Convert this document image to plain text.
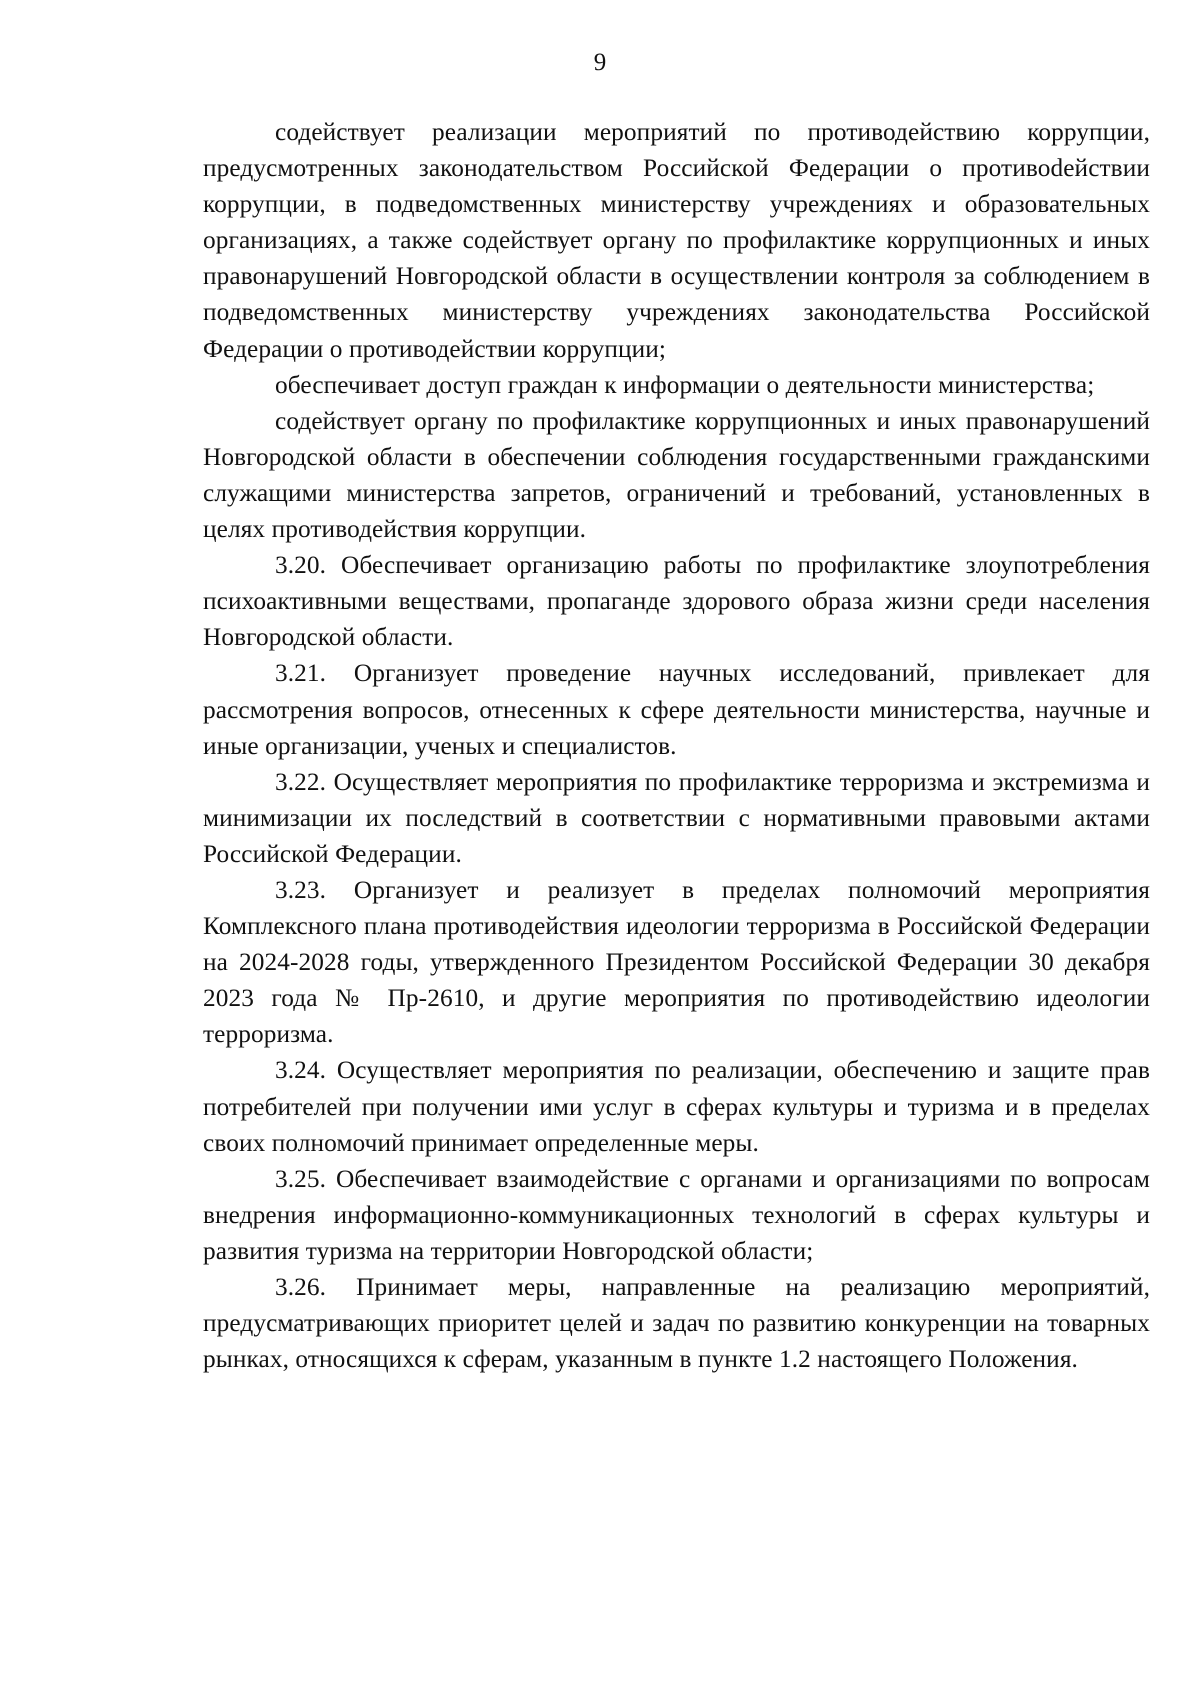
9

содействует реализации мероприятий по противодействию коррупции, предусмотренных законодательством Российской Федерации о противоdействии коррупции, в подведомственных министерству учреждениях и образовательных организациях, а также содействует органу по профилактике коррупционных и иных правонарушений Новгородской области в осуществлении контроля за соблюдением в подведомственных министерству учреждениях законодательства Российской Федерации о противодействии коррупции;

обеспечивает доступ граждан к информации о деятельности министерства;

содействует органу по профилактике коррупционных и иных правонарушений Новгородской области в обеспечении соблюдения государственными гражданскими служащими министерства запретов, ограничений и требований, установленных в целях противодействия коррупции.

3.20. Обеспечивает организацию работы по профилактике злоупотребления психоактивными веществами, пропаганде здорового образа жизни среди населения Новгородской области.

3.21. Организует проведение научных исследований, привлекает для рассмотрения вопросов, отнесенных к сфере деятельности министерства, научные и иные организации, ученых и специалистов.

3.22. Осуществляет мероприятия по профилактике терроризма и экстремизма и минимизации их последствий в соответствии с нормативными правовыми актами Российской Федерации.

3.23. Организует и реализует в пределах полномочий мероприятия Комплексного плана противодействия идеологии терроризма в Российской Федерации на 2024-2028 годы, утвержденного Президентом Российской Федерации 30 декабря 2023 года № Пр-2610, и другие мероприятия по противодействию идеологии терроризма.

3.24. Осуществляет мероприятия по реализации, обеспечению и защите прав потребителей при получении ими услуг в сферах культуры и туризма и в пределах своих полномочий принимает определенные меры.

3.25. Обеспечивает взаимодействие с органами и организациями по вопросам внедрения информационно-коммуникационных технологий в сферах культуры и развития туризма на территории Новгородской области;

3.26. Принимает меры, направленные на реализацию мероприятий, предусматривающих приоритет целей и задач по развитию конкуренции на товарных рынках, относящихся к сферам, указанным в пункте 1.2 настоящего Положения.
